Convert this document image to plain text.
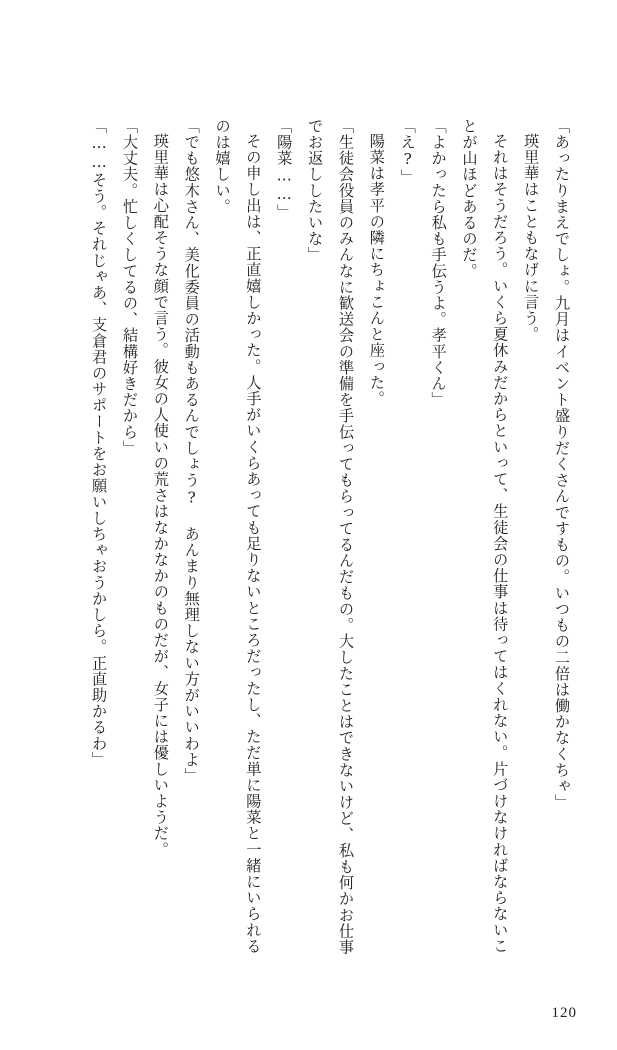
「あったりまえでしょ。九月はイベント盛りだくさんですもの。いつもの二倍は働かなくちゃ」

瑛里華はこともなげに言う。

それはそうだろう。いくら夏休みだからといって、生徒会の仕事は待ってはくれない。片づけなければならないことが山ほどあるのだ。

「よかったら私も手伝うよ。孝平くん」

「え?」

陽菜は孝平の隣にちょこんと座った。

「生徒会役員のみんなに歓送会の準備を手伝ってもらってるんだもの。大したことはできないけど、私も何かお仕事でお返ししたいな」

「陽菜……」

その申し出は、正直嬉しかった。人手がいくらあっても足りないところだったし、ただ単に陽菜と一緒にいられるのは嬉しい。

「でも悠木さん、美化委員の活動もあるんでしょう? あんまり無理しない方がいいわよ」

瑛里華は心配そうな顔で言う。彼女の人使いの荒さはなかなかのものだが、女子には優しいようだ。

「大丈夫。忙しくしてるの、結構好きだから」

「……そう。それじゃあ、支倉君のサポートをお願いしちゃおうかしら。正直助かるわ」

120
